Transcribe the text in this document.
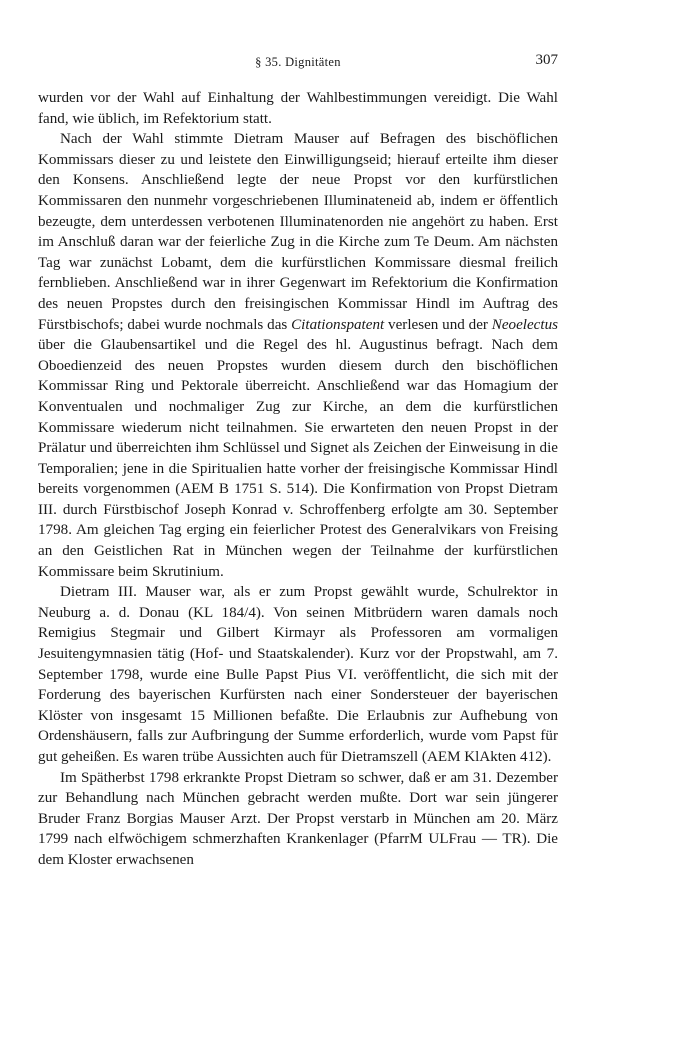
§ 35. Dignitäten	307

wurden vor der Wahl auf Einhaltung der Wahlbestimmungen vereidigt. Die Wahl fand, wie üblich, im Refektorium statt.

Nach der Wahl stimmte Dietram Mauser auf Befragen des bischöflichen Kommissars dieser zu und leistete den Einwilligungseid; hierauf erteilte ihm dieser den Konsens. Anschließend legte der neue Propst vor den kurfürstlichen Kommissaren den nunmehr vorgeschriebenen Illuminateneid ab, indem er öffentlich bezeugte, dem unterdessen verbotenen Illuminatenorden nie angehört zu haben. Erst im Anschluß daran war der feierliche Zug in die Kirche zum Te Deum. Am nächsten Tag war zunächst Lobamt, dem die kurfürstlichen Kommissare diesmal freilich fernblieben. Anschließend war in ihrer Gegenwart im Refektorium die Konfirmation des neuen Propstes durch den freisingischen Kommissar Hindl im Auftrag des Fürstbischofs; dabei wurde nochmals das Citationspatent verlesen und der Neoelectus über die Glaubensartikel und die Regel des hl. Augustinus befragt. Nach dem Oboedienzeid des neuen Propstes wurden diesem durch den bischöflichen Kommissar Ring und Pektorale überreicht. Anschließend war das Homagium der Konventualen und nochmaliger Zug zur Kirche, an dem die kurfürstlichen Kommissare wiederum nicht teilnahmen. Sie erwarteten den neuen Propst in der Prälatur und überreichten ihm Schlüssel und Signet als Zeichen der Einweisung in die Temporalien; jene in die Spiritualien hatte vorher der freisingische Kommissar Hindl bereits vorgenommen (AEM B 1751 S. 514). Die Konfirmation von Propst Dietram III. durch Fürstbischof Joseph Konrad v. Schroffenberg erfolgte am 30. September 1798. Am gleichen Tag erging ein feierlicher Protest des Generalvikars von Freising an den Geistlichen Rat in München wegen der Teilnahme der kurfürstlichen Kommissare beim Skrutinium.

Dietram III. Mauser war, als er zum Propst gewählt wurde, Schulrektor in Neuburg a. d. Donau (KL 184/4). Von seinen Mitbrüdern waren damals noch Remigius Stegmair und Gilbert Kirmayr als Professoren am vormaligen Jesuitengymnasien tätig (Hof- und Staatskalender). Kurz vor der Propstwahl, am 7. September 1798, wurde eine Bulle Papst Pius VI. veröffentlicht, die sich mit der Forderung des bayerischen Kurfürsten nach einer Sondersteuer der bayerischen Klöster von insgesamt 15 Millionen befaßte. Die Erlaubnis zur Aufhebung von Ordenshäusern, falls zur Aufbringung der Summe erforderlich, wurde vom Papst für gut geheißen. Es waren trübe Aussichten auch für Dietramszell (AEM KlAkten 412).

Im Spätherbst 1798 erkrankte Propst Dietram so schwer, daß er am 31. Dezember zur Behandlung nach München gebracht werden mußte. Dort war sein jüngerer Bruder Franz Borgias Mauser Arzt. Der Propst verstarb in München am 20. März 1799 nach elfwöchigem schmerzhaften Krankenlager (PfarrM ULFrau — TR). Die dem Kloster erwachsenen
